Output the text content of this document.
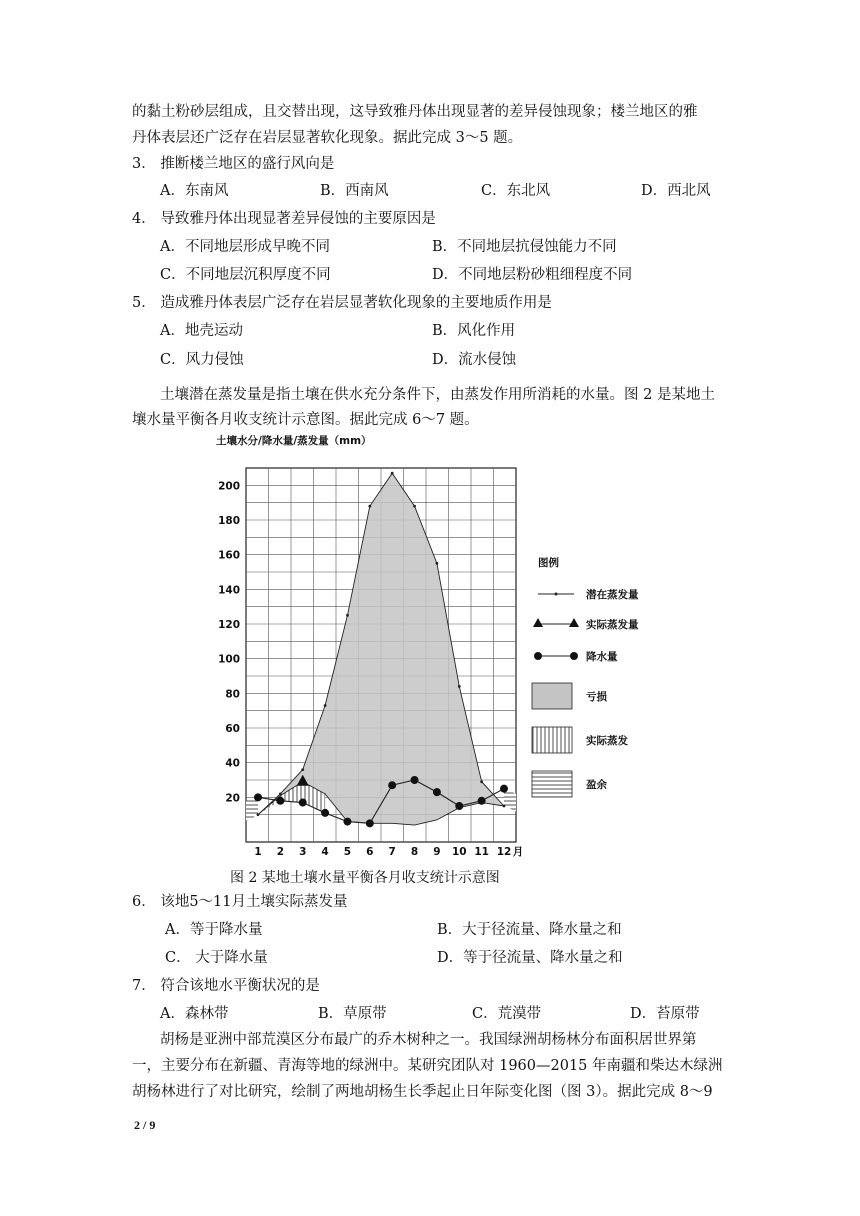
的黏土粉砂层组成，且交替出现，这导致雅丹体出现显著的差异侵蚀现象；楼兰地区的雅
丹体表层还广泛存在岩层显著软化现象。据此完成 3～5 题。
3． 推断楼兰地区的盛行风向是
A．东南风	B．西南风	C．东北风	D．西北风
4． 导致雅丹体出现显著差异侵蚀的主要原因是
A．不同地层形成早晚不同	B．不同地层抗侵蚀能力不同
C．不同地层沉积厚度不同	D．不同地层粉砂粗细程度不同
5． 造成雅丹体表层广泛存在岩层显著软化现象的主要地质作用是
A．地壳运动	B．风化作用
C．风力侵蚀	D．流水侵蚀
土壤潜在蒸发量是指土壤在供水充分条件下，由蒸发作用所消耗的水量。图 2 是某地土
壤水量平衡各月收支统计示意图。据此完成 6～7 题。
土壤水分/降水量/蒸发量（mm）
20
40
60
80
100
120
140
160
180
200
1 2 3 4 5 6 7 8 9 10 11 12 月
图例
潜在蒸发量
实际蒸发量
降水量
亏损
实际蒸发
盈余
图 2 某地土壤水量平衡各月收支统计示意图
6． 该地5～11月土壤实际蒸发量
A．等于降水量	B．大于径流量、降水量之和
C． 大于降水量	D．等于径流量、降水量之和
7． 符合该地水平衡状况的是
A．森林带	B．草原带	C．荒漠带	D．苔原带
胡杨是亚洲中部荒漠区分布最广的乔木树种之一。我国绿洲胡杨林分布面积居世界第
一，主要分布在新疆、青海等地的绿洲中。某研究团队对 1960—2015 年南疆和柴达木绿洲
胡杨林进行了对比研究，绘制了两地胡杨生长季起止日年际变化图（图 3）。据此完成 8～9
2 / 9
